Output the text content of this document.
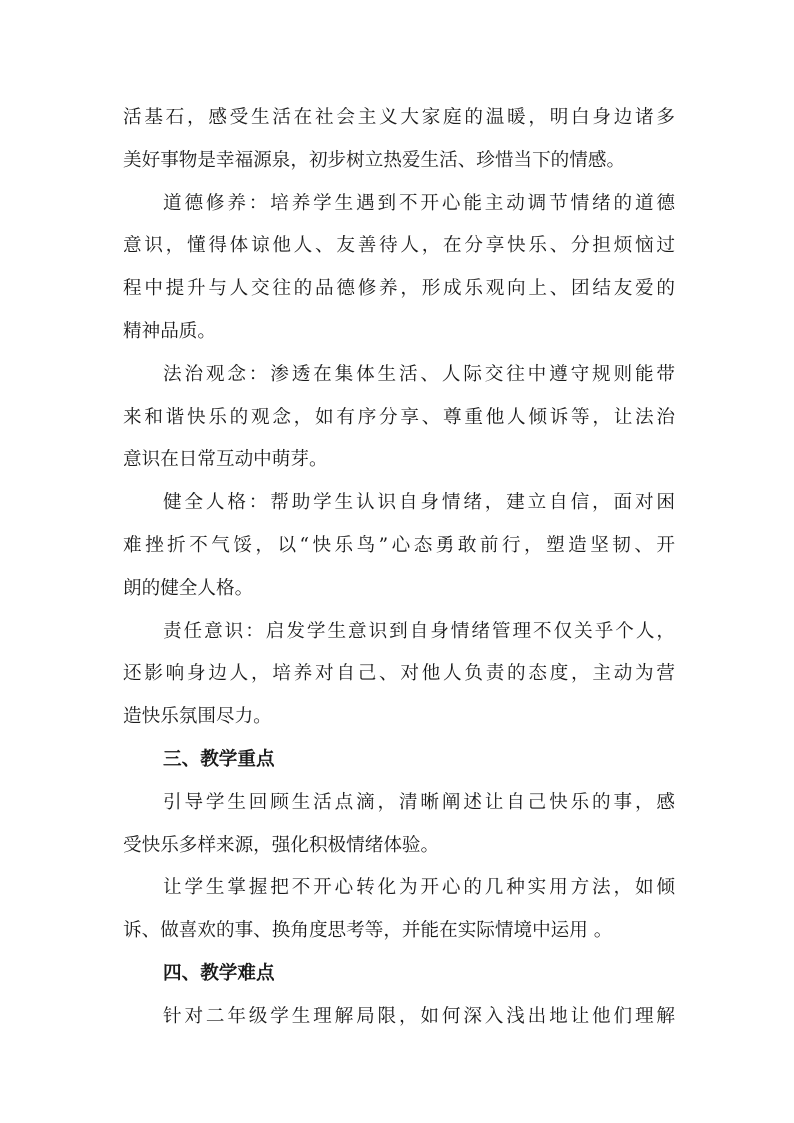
活基石，感受生活在社会主义大家庭的温暖，明白身边诸多
美好事物是幸福源泉，初步树立热爱生活、珍惜当下的情感。
道德修养：培养学生遇到不开心能主动调节情绪的道德
意识，懂得体谅他人、友善待人，在分享快乐、分担烦恼过
程中提升与人交往的品德修养，形成乐观向上、团结友爱的
精神品质。
法治观念：渗透在集体生活、人际交往中遵守规则能带
来和谐快乐的观念，如有序分享、尊重他人倾诉等，让法治
意识在日常互动中萌芽。
健全人格：帮助学生认识自身情绪，建立自信，面对困
难挫折不气馁，以“快乐鸟”心态勇敢前行，塑造坚韧、开
朗的健全人格。
责任意识：启发学生意识到自身情绪管理不仅关乎个人，
还影响身边人，培养对自己、对他人负责的态度，主动为营
造快乐氛围尽力。
三、教学重点
引导学生回顾生活点滴，清晰阐述让自己快乐的事，感
受快乐多样来源，强化积极情绪体验。
让学生掌握把不开心转化为开心的几种实用方法，如倾
诉、做喜欢的事、换角度思考等，并能在实际情境中运用 。
四、教学难点
针对二年级学生理解局限，如何深入浅出地让他们理解
